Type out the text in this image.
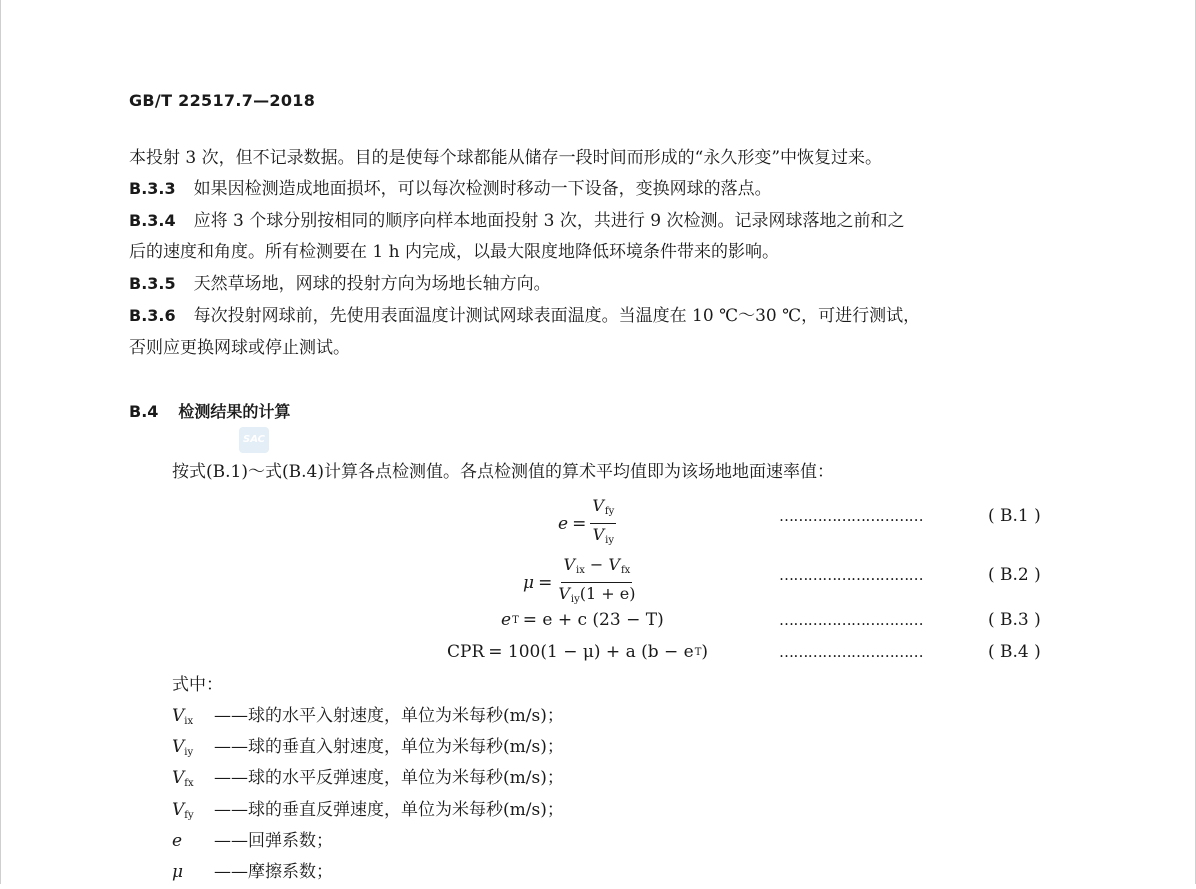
GB/T 22517.7—2018
本投射 3 次，但不记录数据。目的是使每个球都能从储存一段时间而形成的“永久形变”中恢复过来。
B.3.3 如果因检测造成地面损坏，可以每次检测时移动一下设备，变换网球的落点。
B.3.4 应将 3 个球分别按相同的顺序向样本地面投射 3 次，共进行 9 次检测。记录网球落地之前和之
后的速度和角度。所有检测要在 1 h 内完成，以最大限度地降低环境条件带来的影响。
B.3.5 天然草场地，网球的投射方向为场地长轴方向。
B.3.6 每次投射网球前，先使用表面温度计测试网球表面温度。当温度在 10 ℃～30 ℃，可进行测试，
否则应更换网球或停止测试。
B.4 检测结果的计算
SAC
按式(B.1)～式(B.4)计算各点检测值。各点检测值的算术平均值即为该场地地面速率值：
$e = \frac{V_{fy}}{V_{iy}}$	…………………………	( B.1 )
$\mu = \frac{V_{ix} - V_{fx}}{V_{iy}(1 + e)}$	…………………………	( B.2 )
e T = e + c (23 − T)	…………………………	( B.3 )
CPR = 100(1 − μ) + a (b − e T )	…………………………	( B.4 )
式中：
$V_{ix}$ ——球的水平入射速度，单位为米每秒(m/s)；
$V_{iy}$ ——球的垂直入射速度，单位为米每秒(m/s)；
$V_{fx}$ ——球的水平反弹速度，单位为米每秒(m/s)；
$V_{fy}$ ——球的垂直反弹速度，单位为米每秒(m/s)；
e ——回弹系数；
μ ——摩擦系数；
